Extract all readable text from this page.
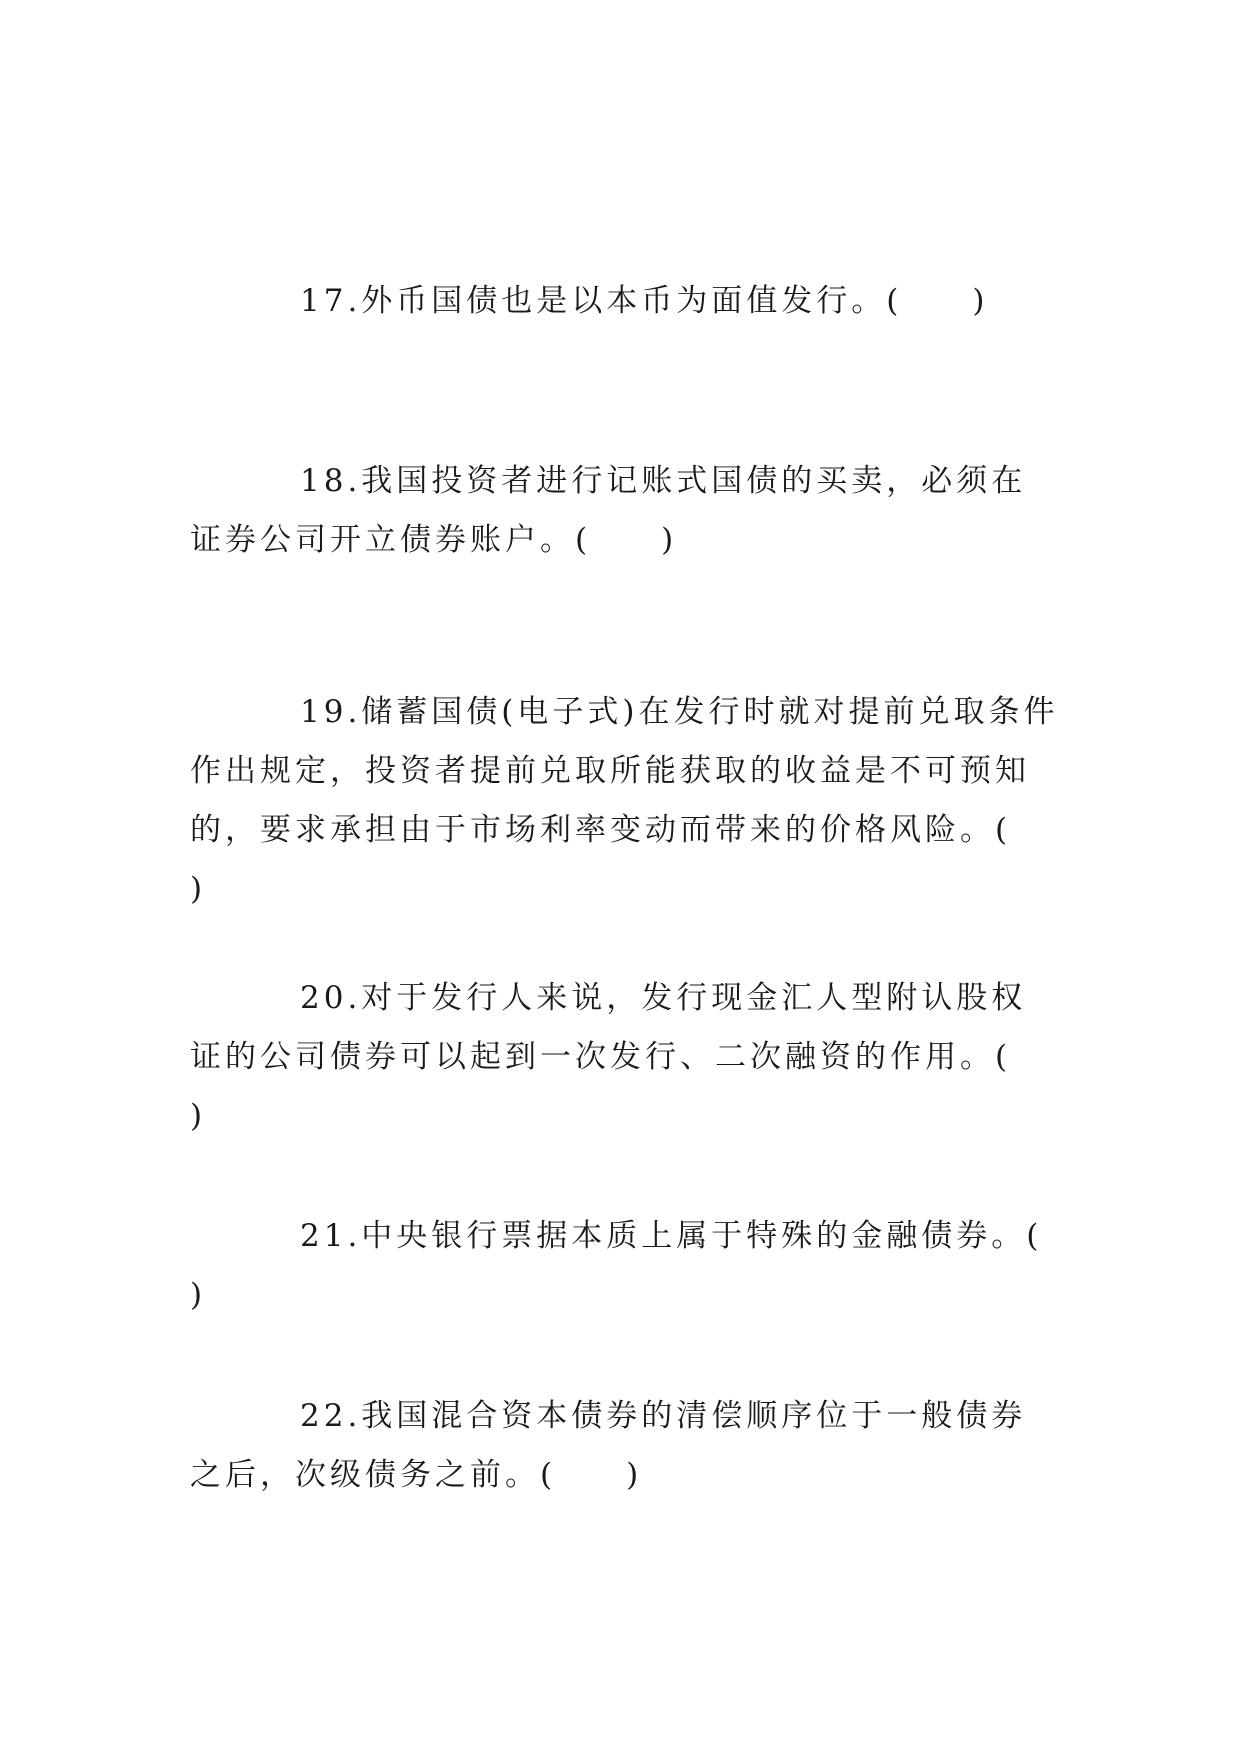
17.外币国债也是以本币为面值发行。(　　)

18.我国投资者进行记账式国债的买卖，必须在证券公司开立债券账户。(　　)

19.储蓄国债(电子式)在发行时就对提前兑取条件作出规定，投资者提前兑取所能获取的收益是不可预知的，要求承担由于市场利率变动而带来的价格风险。(　　)

20.对于发行人来说，发行现金汇人型附认股权证的公司债券可以起到一次发行、二次融资的作用。(　　)

21.中央银行票据本质上属于特殊的金融债券。(　　)

22.我国混合资本债券的清偿顺序位于一般债券之后，次级债务之前。(　　)
